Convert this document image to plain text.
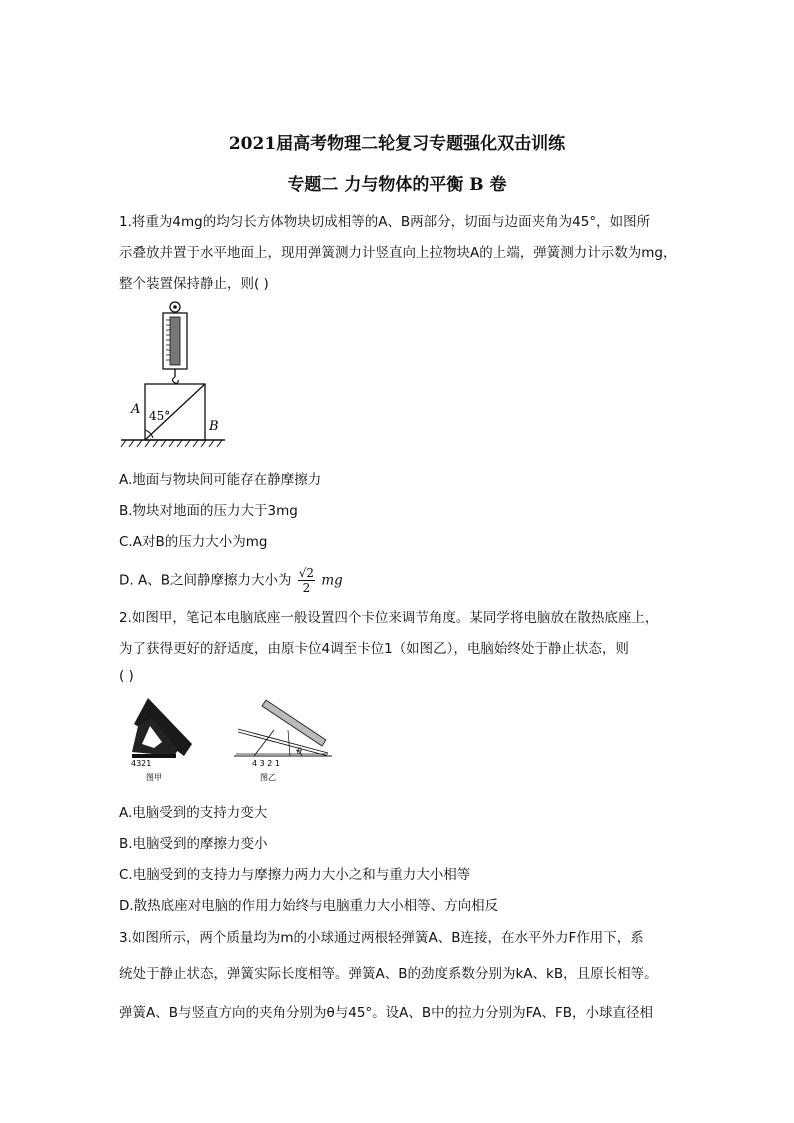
2021届高考物理二轮复习专题强化双击训练
专题二 力与物体的平衡 B 卷
1.将重为4mg的均匀长方体物块切成相等的A、B两部分，切面与边面夹角为45°，如图所
示叠放并置于水平地面上，现用弹簧测力计竖直向上拉物块A的上端，弹簧测力计示数为mg，
整个装置保持静止，则( )
45°
A
B
A.地面与物块间可能存在静摩擦力
B.物块对地面的压力大于3mg
C.A对B的压力大小为mg
D. A、B之间静摩擦力大小为 $\frac{√2}{2}$ mg
2.如图甲，笔记本电脑底座一般设置四个卡位来调节角度。某同学将电脑放在散热底座上，
为了获得更好的舒适度，由原卡位4调至卡位1（如图乙），电脑始终处于静止状态，则
( )
4321
图甲
θ
4 3 2 1
图乙
A.电脑受到的支持力变大
B.电脑受到的摩擦力变小
C.电脑受到的支持力与摩擦力两力大小之和与重力大小相等
D.散热底座对电脑的作用力始终与电脑重力大小相等、方向相反
3.如图所示，两个质量均为m的小球通过两根轻弹簧A、B连接，在水平外力F作用下，系
统处于静止状态，弹簧实际长度相等。弹簧A、B的劲度系数分别为kA、kB，且原长相等。
弹簧A、B与竖直方向的夹角分别为θ与45°。设A、B中的拉力分别为FA、FB，小球直径相
